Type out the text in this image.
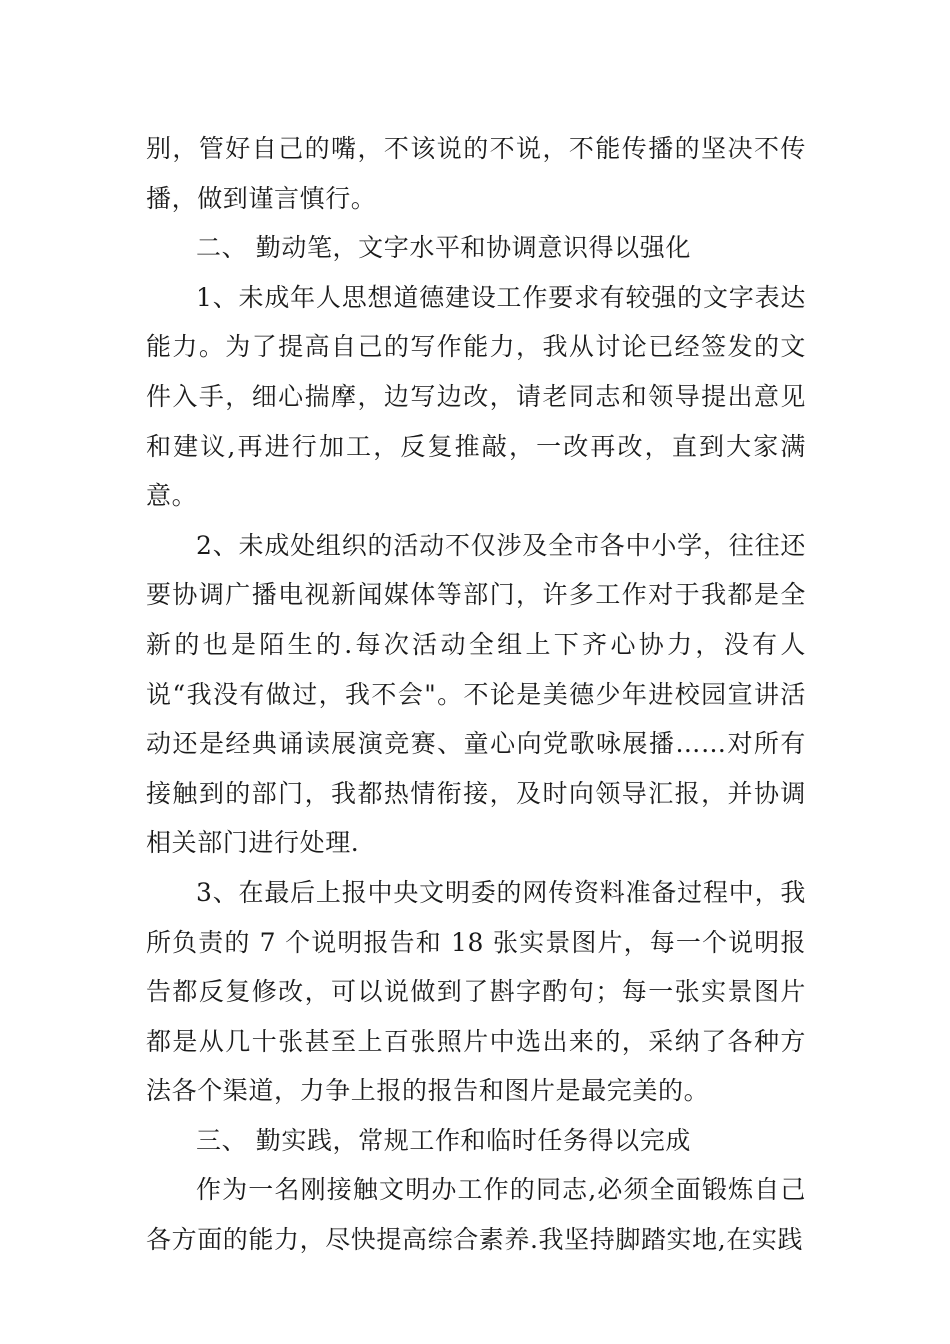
别，管好自己的嘴，不该说的不说，不能传播的坚决不传播，做到谨言慎行。

二、 勤动笔，文字水平和协调意识得以强化

1、未成年人思想道德建设工作要求有较强的文字表达能力。为了提高自己的写作能力，我从讨论已经签发的文件入手，细心揣摩，边写边改，请老同志和领导提出意见和建议,再进行加工，反复推敲，一改再改，直到大家满意。

2、未成处组织的活动不仅涉及全市各中小学，往往还要协调广播电视新闻媒体等部门，许多工作对于我都是全新的也是陌生的.每次活动全组上下齐心协力，没有人说“我没有做过，我不会"。不论是美德少年进校园宣讲活动还是经典诵读展演竞赛、童心向党歌咏展播……对所有接触到的部门，我都热情衔接，及时向领导汇报，并协调相关部门进行处理.

3、在最后上报中央文明委的网传资料准备过程中，我所负责的 7 个说明报告和 18 张实景图片，每一个说明报告都反复修改，可以说做到了斟字酌句；每一张实景图片都是从几十张甚至上百张照片中选出来的，采纳了各种方法各个渠道，力争上报的报告和图片是最完美的。

三、 勤实践，常规工作和临时任务得以完成

作为一名刚接触文明办工作的同志,必须全面锻炼自己各方面的能力，尽快提高综合素养.我坚持脚踏实地,在实践
